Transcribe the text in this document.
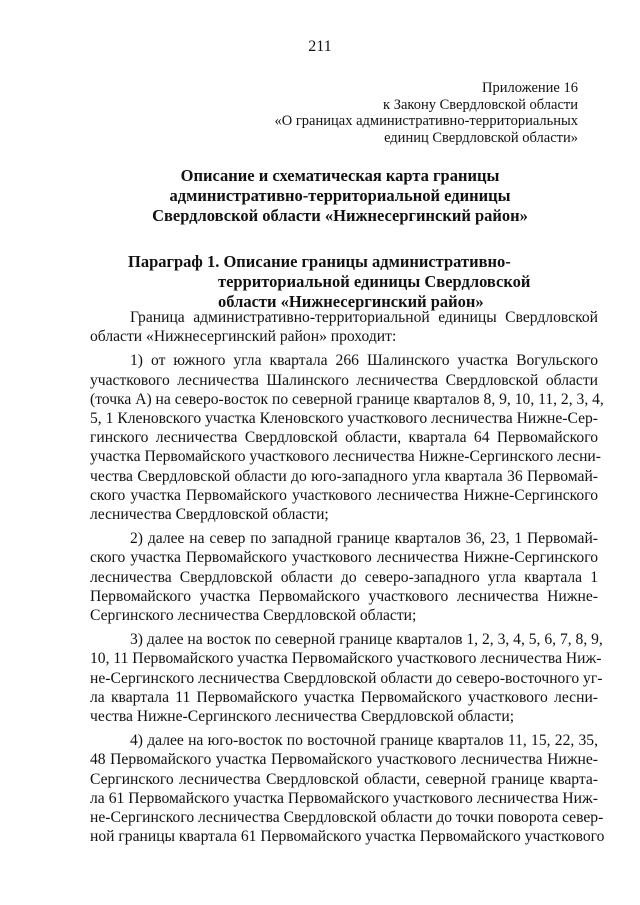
211
Приложение 16
к Закону Свердловской области
«О границах административно-территориальных
единиц Свердловской области»
Описание и схематическая карта границы
административно-территориальной единицы
Свердловской области «Нижнесергинский район»
Параграф 1. Описание границы административно-
территориальной единицы Свердловской
области «Нижнесергинский район»

Граница административно-территориальной единицы Свердловской
области «Нижнесергинский район» проходит:

1) от южного угла квартала 266 Шалинского участка Вогульского
участкового лесничества Шалинского лесничества Свердловской области
(точка А) на северо-восток по северной границе кварталов 8, 9, 10, 11, 2, 3, 4,
5, 1 Кленовского участка Кленовского участкового лесничества Нижне-Сер-
гинского лесничества Свердловской области, квартала 64 Первомайского
участка Первомайского участкового лесничества Нижне-Сергинского лесни-
чества Свердловской области до юго-западного угла квартала 36 Первомай-
ского участка Первомайского участкового лесничества Нижне-Сергинского
лесничества Свердловской области;

2) далее на север по западной границе кварталов 36, 23, 1 Первомай-
ского участка Первомайского участкового лесничества Нижне-Сергинского
лесничества Свердловской области до северо-западного угла квартала 1
Первомайского участка Первомайского участкового лесничества Нижне-
Сергинского лесничества Свердловской области;

3) далее на восток по северной границе кварталов 1, 2, 3, 4, 5, 6, 7, 8, 9,
10, 11 Первомайского участка Первомайского участкового лесничества Ниж-
не-Сергинского лесничества Свердловской области до северо-восточного уг-
ла квартала 11 Первомайского участка Первомайского участкового лесни-
чества Нижне-Сергинского лесничества Свердловской области;

4) далее на юго-восток по восточной границе кварталов 11, 15, 22, 35,
48 Первомайского участка Первомайского участкового лесничества Нижне-
Сергинского лесничества Свердловской области, северной границе кварта-
ла 61 Первомайского участка Первомайского участкового лесничества Ниж-
не-Сергинского лесничества Свердловской области до точки поворота север-
ной границы квартала 61 Первомайского участка Первомайского участкового
